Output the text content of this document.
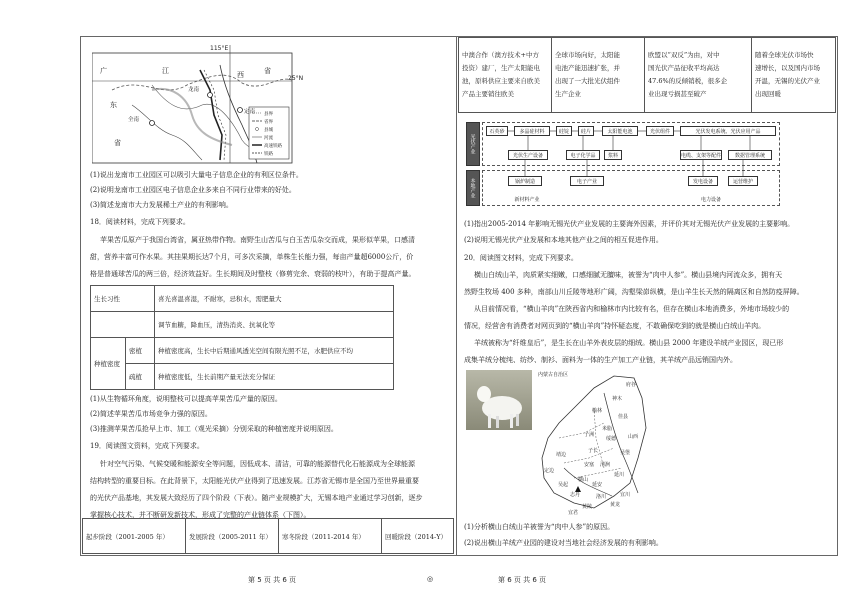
县界
省界
县城
河流
高速铁路
铁路
广	江	省
东
西
省
龙南
定南
全南
115°E
25°N
(1)说出龙南市工业园区可以吸引大量电子信息企业的有利区位条件。
(2)说明龙南市工业园区电子信息企业多来自不同行业带来的好处。
(3)简述龙南市大力发展稀土产业的有利影响。
18．阅读材料，完成下列要求。
苹果苦瓜原产于我国台湾省，属亚热带作物。南野生山苦瓜与白玉苦瓜杂交而成，果形似苹果，口感清
甜，营养丰富可作水果。其挂果期长达7个月，可多次采摘，单株生长能力强，每亩产量超6000公斤，价
格是普通球苦瓜的两三倍，经济效益好。生长期间及时整枝（修剪完余、衰弱的枝叶），有助于提高产量。
生长习性		喜光喜温喜湿，不耐寒，忌积水，需肥量大
		调节血糖，降血压，清热消炎、抗氧化等
种植密度	密植	种植密度高，生长中后期通风透光空间有限光照不足，水肥供应不均
	疏植	种植密度低，生长前期产量无法充分保证
(1)从生物循环角度，说明整枝可以提高苹果苦瓜产量的原因。
(2)简述苹果苦瓜市场竞争力强的原因。
(3)推测苹果苦瓜抢早上市、加工（观光采摘）分别采取的种植密度并说明原因。
19．阅读图文资料，完成下列要求。
针对空气污染、气候变暖和能源安全等问题，因低成本、清洁，可靠的能源替代化石能源成为全球能源
结构转型的重要目标。在此背景下，太阳能光伏产业得到了迅速发展。江苏省无锡市是全国乃至世界最重要
的光伏产品基地，其发展大致经历了四个阶段（下表）。随产业规模扩大，无锡本地产业通过学习创新，逐步
掌握核心技术，并不断研发新技术，形成了完整的产业链体系（下图）。
起步阶段（2001-2005 年）	发展阶段（2005-2011 年）	寒冬阶段（2011-2014 年）	回暖阶段（2014-Y）
第 5 页 共 6 页	◎
中澳合作（澳方技术+中方
投资）建厂，生产太阳能电
池，原料供应主要来自欧美
产品主要销往欧美

全球市场向好，太阳能
电池产能迅速扩张，并
出现了一大批光伏组件
生产企业

欧盟以“双反”为由，对中
国光伏产品征收平均高达
47.6%的反倾销税，很多企
业出现亏损甚至破产

随着全球光伏市场快
速增长，以及国内市场
开温，无锡的光伏产业
出现回暖
光伏产业
本地产业
石英砂	多晶硅材料	硅锭	硅片	太阳能电池	光伏组件	光伏发电系统、光伏应用产品
光伏生产设备	电子化学品	浆料	电缆、支架等配件	数据管理系统
锅炉制造	电子产业	发电设备	运营维护
新材料产业	电力设备
(1)指出2005-2014 年影响无锡光伏产业发展的主要海外因素，并评价其对无锡光伏产业发展的主要影响。
(2)说明无锡光伏产业发展和本地其他产业之间的相互促进作用。
20．阅读图文材料，完成下列要求。
横山白绒山羊，肉质紧实细嫩，口感细腻无膻味，被誉为“肉中人参”。横山县境内河流众多，拥有天
然野生牧场 400 多种，南部山川丘陵等地形广阔，沟壑梁峁纵横，是山羊生长天然的隔离区和自然防疫屏障。
从目前情况看，“横山羊肉”在陕西省内和榆林市内比较有名，但存在横山本地消费多，外地市场较少的
情况，经营舍有消费者对网页到的“横山羊肉”持怀疑态度，不敢确保吃到的就是横山白绒山羊肉。
羊绒被称为“纤维皇后”，是生长在山羊外表皮层的细绒。横山县 2000 年建设羊绒产业园区，现已形
成集羊绒分梳纯、纺纱、制衫、面料为一体的生产加工产业链，其羊绒产品远销国内外。
内蒙古自治区
山西
横山
府谷
神木
佳县
吴堡
榆林
靖边
米脂
绥德
清涧
子洲
定边
子长
延川
吴起
志丹
安塞
延安
宜川
黄龙
洛川
黄陵
宜君
(1)分析横山白绒山羊被誉为“肉中人参”的原因。
(2)说出横山羊绒产业园的建设对当地社会经济发展的有利影响。
第 6 页 共 6 页
